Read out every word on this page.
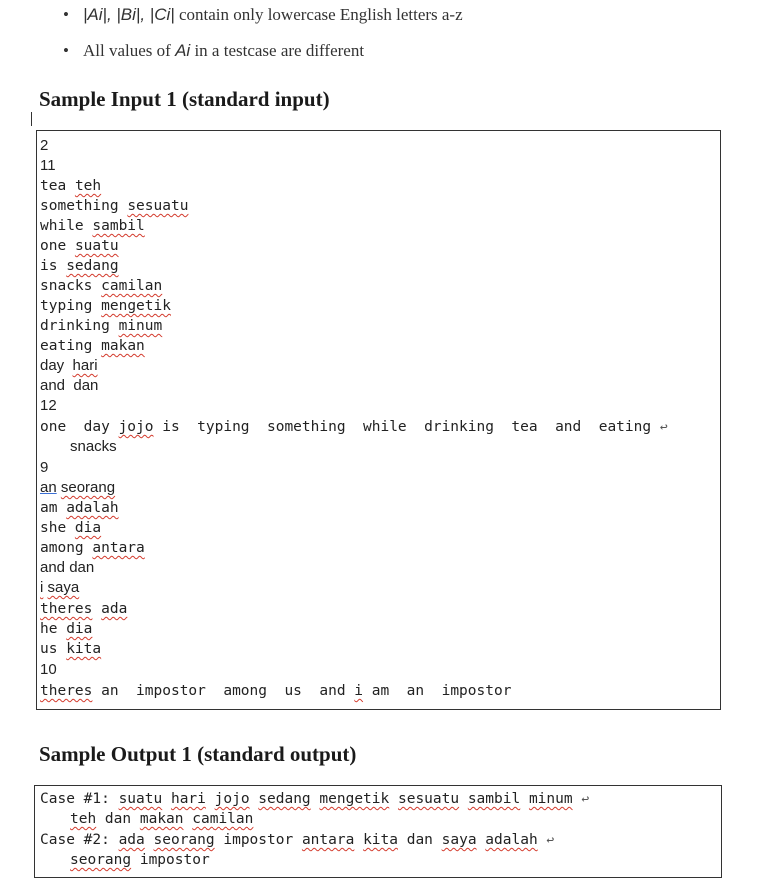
• |Ai|, |Bi|, |Ci| contain only lowercase English letters a-z
• All values of Ai in a testcase are different
Sample Input 1 (standard input)
2
11
tea teh
something sesuatu
while sambil
one suatu
is sedang
snacks camilan
typing mengetik
drinking minum
eating makan
day hari
and  dan
12
one  day jojo is  typing  something  while  drinking  tea  and  eating ↩
snacks
9
an seorang
am adalah
she dia
among antara
and dan
i saya
theres ada
he dia
us kita
10
theres an  impostor  among  us  and i am  an  impostor
Sample Output 1 (standard output)
Case #1: suatu hari jojo sedang mengetik sesuatu sambil minum ↩
teh dan makan camilan
Case #2: ada seorang impostor antara kita dan saya adalah ↩
seorang impostor
